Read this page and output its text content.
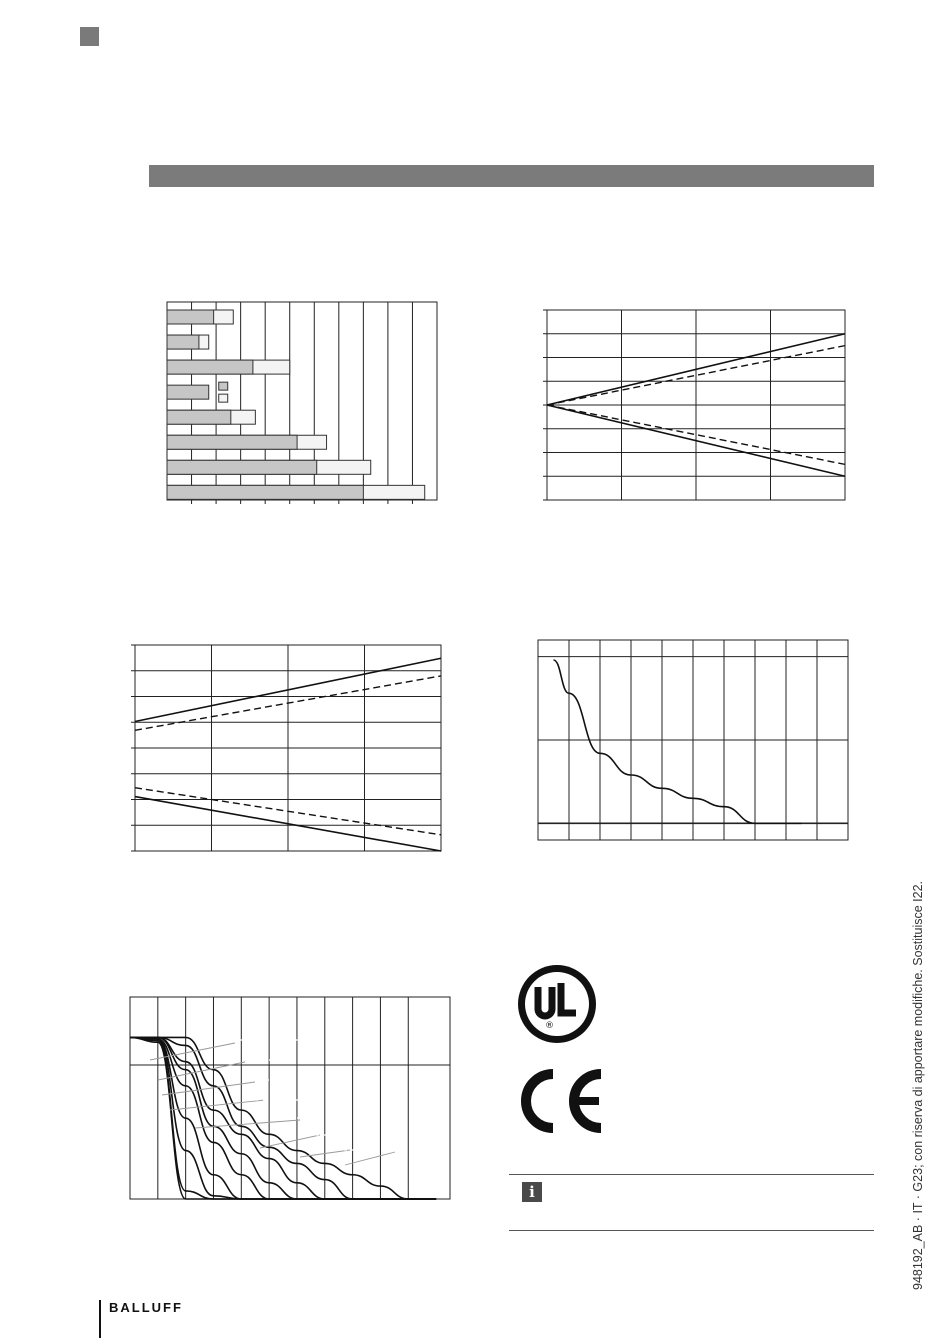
®
i
BALLUFF
948192_AB · IT · G23; con riserva di apportare modifiche. Sostituisce I22.
